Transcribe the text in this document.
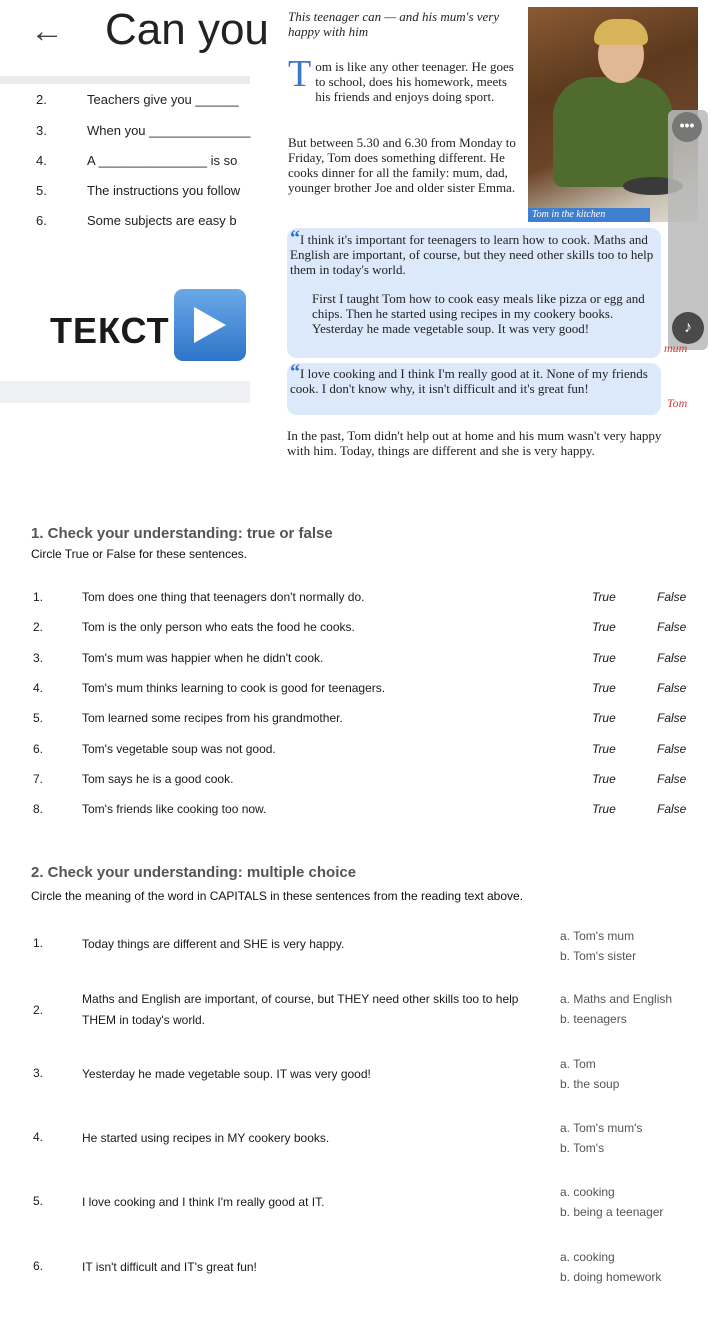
← Can you
2.	Teachers give you ______
3.	When you ______________
4.	A _______________ is so
5.	The instructions you follow
6.	Some subjects are easy b
ТЕКСТ
This teenager can — and his mum's very happy with him
Tom is like any other teenager. He goes to school, does his homework, meets his friends and enjoys doing sport.
But between 5.30 and 6.30 from Monday to Friday, Tom does something different. He cooks dinner for all the family: mum, dad, younger brother Joe and older sister Emma.
Tom in the kitchen
•••

“I think it's important for teenagers to learn how to cook. Maths and English are important, of course, but they need other skills too to help them in today's world.

First I taught Tom how to cook easy meals like pizza or egg and chips. Then he started using recipes in my cookery books. Yesterday he made vegetable soup. It was very good!	♪
mum

“I love cooking and I think I'm really good at it. None of my friends cook. I don't know why, it isn't difficult and it's great fun!

Tom
In the past, Tom didn't help out at home and his mum wasn't very happy with him. Today, things are different and she is very happy.
1. Check your understanding: true or false
Circle True or False for these sentences.
1.	Tom does one thing that teenagers don't normally do.	True	False
2.	Tom is the only person who eats the food he cooks.	True	False
3.	Tom's mum was happier when he didn't cook.	True	False
4.	Tom's mum thinks learning to cook is good for teenagers.	True	False
5.	Tom learned some recipes from his grandmother.	True	False
6.	Tom's vegetable soup was not good.	True	False
7.	Tom says he is a good cook.	True	False
8.	Tom's friends like cooking too now.	True	False
2. Check your understanding: multiple choice
Circle the meaning of the word in CAPITALS in these sentences from the reading text above.
1.	Today things are different and SHE is very happy.
a. Tom's mum
b. Tom's sister
2.
Maths and English are important, of course, but THEY need other skills too to help THEM in today's world.
a. Maths and English
b. teenagers
3.	Yesterday he made vegetable soup. IT was very good!
a. Tom
b. the soup
4.	He started using recipes in MY cookery books.
a. Tom's mum's
b. Tom's
5.	I love cooking and I think I'm really good at IT.
a. cooking
b. being a teenager
6.	IT isn't difficult and IT's great fun!
a. cooking
b. doing homework
